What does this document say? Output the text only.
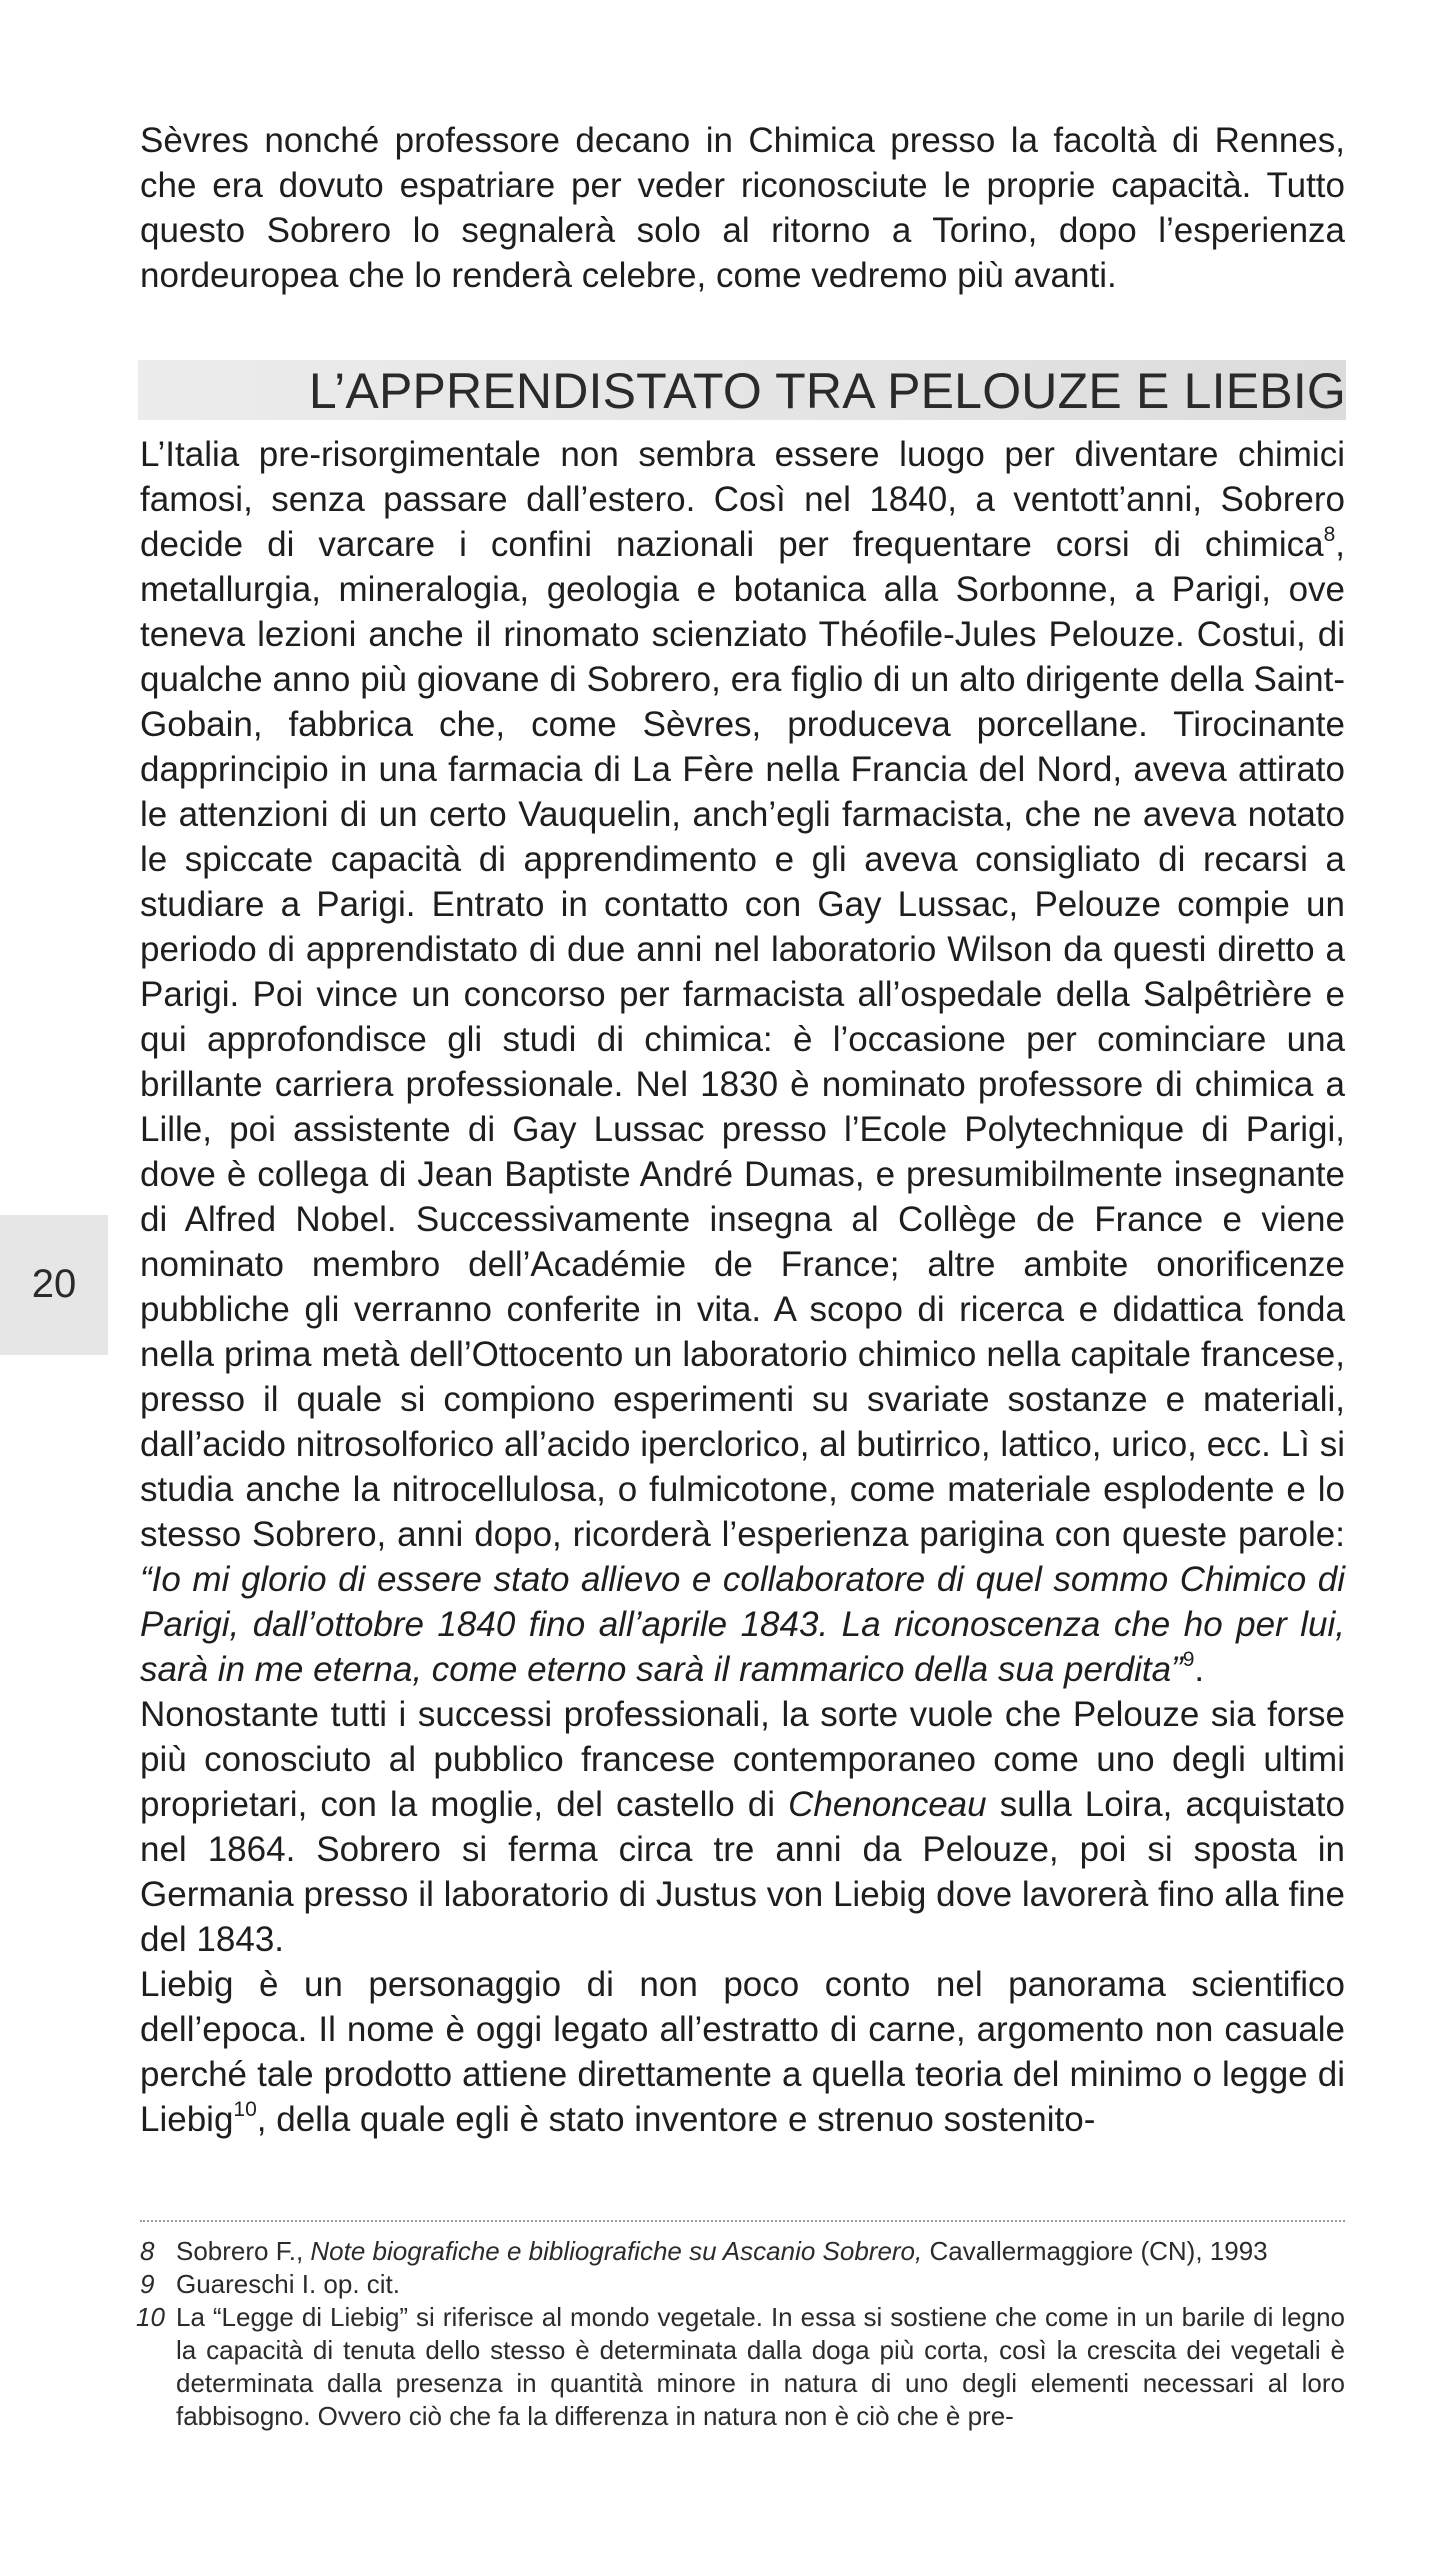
Sèvres nonché professore decano in Chimica presso la facoltà di Rennes, che era dovuto espatriare per veder riconosciute le proprie capacità. Tutto questo Sobrero lo segnalerà solo al ritorno a Torino, dopo l’esperienza nordeuropea che lo renderà celebre, come vedremo più avanti.

L’APPRENDISTATO TRA PELOUZE E LIEBIG

L’Italia pre-risorgimentale non sembra essere luogo per diventare chimici famosi, senza passare dall’estero. Così nel 1840, a ventott’anni, Sobrero decide di varcare i confini nazionali per frequentare corsi di chimica$^8$, metallurgia, mineralogia, geologia e botanica alla Sorbonne, a Parigi, ove teneva lezioni anche il rinomato scienziato Théofile-Jules Pelouze. Costui, di qualche anno più giovane di Sobrero, era figlio di un alto dirigente della Saint-Gobain, fabbrica che, come Sèvres, produceva porcellane. Tirocinante dapprincipio in una farmacia di La Fère nella Francia del Nord, aveva attirato le attenzioni di un certo Vauquelin, anch’egli farmacista, che ne aveva notato le spiccate capacità di apprendimento e gli aveva consigliato di recarsi a studiare a Parigi. Entrato in contatto con Gay Lussac, Pelouze compie un periodo di apprendistato di due anni nel laboratorio Wilson da questi diretto a Parigi. Poi vince un concorso per farmacista all’ospedale della Salpêtrière e qui approfondisce gli studi di chimica: è l’occasione per cominciare una brillante carriera professionale. Nel 1830 è nominato professore di chimica a Lille, poi assistente di Gay Lussac presso l’Ecole Polytechnique di Parigi, dove è collega di Jean Baptiste André Dumas, e presumibilmente insegnante di Alfred Nobel. Successivamente insegna al Collège de France e viene nominato membro dell’Académie de France; altre ambite onorificenze pubbliche gli verranno conferite in vita. A scopo di ricerca e didattica fonda nella prima metà dell’Ottocento un laboratorio chimico nella capitale francese, presso il quale si compiono esperimenti su svariate sostanze e materiali, dall’acido nitrosolforico all’acido iperclorico, al butirrico, lattico, urico, ecc. Lì si studia anche la nitrocellulosa, o fulmicotone, come materiale esplodente e lo stesso Sobrero, anni dopo, ricorderà l’esperienza parigina con queste parole: “Io mi glorio di essere stato allievo e collaboratore di quel sommo Chimico di Parigi, dall’ottobre 1840 fino all’aprile 1843. La riconoscenza che ho per lui, sarà in me eterna, come eterno sarà il rammarico della sua perdita”$^9$.

Nonostante tutti i successi professionali, la sorte vuole che Pelouze sia forse più conosciuto al pubblico francese contemporaneo come uno degli ultimi proprietari, con la moglie, del castello di Chenonceau sulla Loira, acquistato nel 1864. Sobrero si ferma circa tre anni da Pelouze, poi si sposta in Germania presso il laboratorio di Justus von Liebig dove lavorerà fino alla fine del 1843.

Liebig è un personaggio di non poco conto nel panorama scientifico dell’epoca. Il nome è oggi legato all’estratto di carne, argomento non casuale perché tale prodotto attiene direttamente a quella teoria del minimo o legge di Liebig$^{10}$, della quale egli è stato inventore e strenuo sostenito-

20
8 Sobrero F., Note biografiche e bibliografiche su Ascanio Sobrero, Cavallermaggiore (CN), 1993
9 Guareschi I. op. cit.
10 La “Legge di Liebig” si riferisce al mondo vegetale. In essa si sostiene che come in un barile di legno la capacità di tenuta dello stesso è determinata dalla doga più corta, così la crescita dei vegetali è determinata dalla presenza in quantità minore in natura di uno degli elementi necessari al loro fabbisogno. Ovvero ciò che fa la differenza in natura non è ciò che è pre-
